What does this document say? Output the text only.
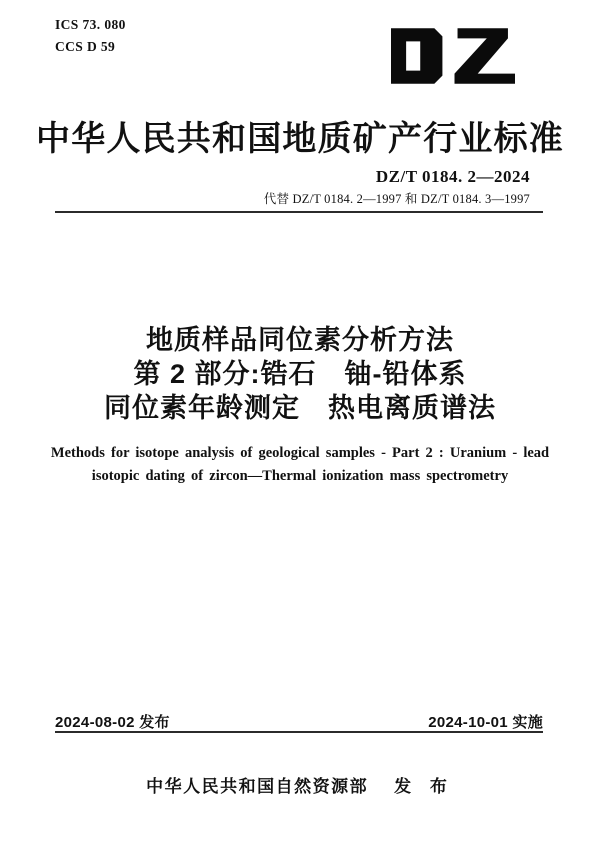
ICS 73. 080
CCS D 59
中华人民共和国地质矿产行业标准
DZ/T 0184. 2—2024
代替 DZ/T 0184. 2—1997 和 DZ/T 0184. 3—1997
地质样品同位素分析方法
第 2 部分:锆石　铀-铅体系
同位素年龄测定　热电离质谱法
Methods for isotope analysis of geological samples - Part 2 : Uranium - lead
isotopic dating of zircon—Thermal ionization mass spectrometry
2024-08-02 发布	2024-10-01 实施
中华人民共和国自然资源部 发 布
